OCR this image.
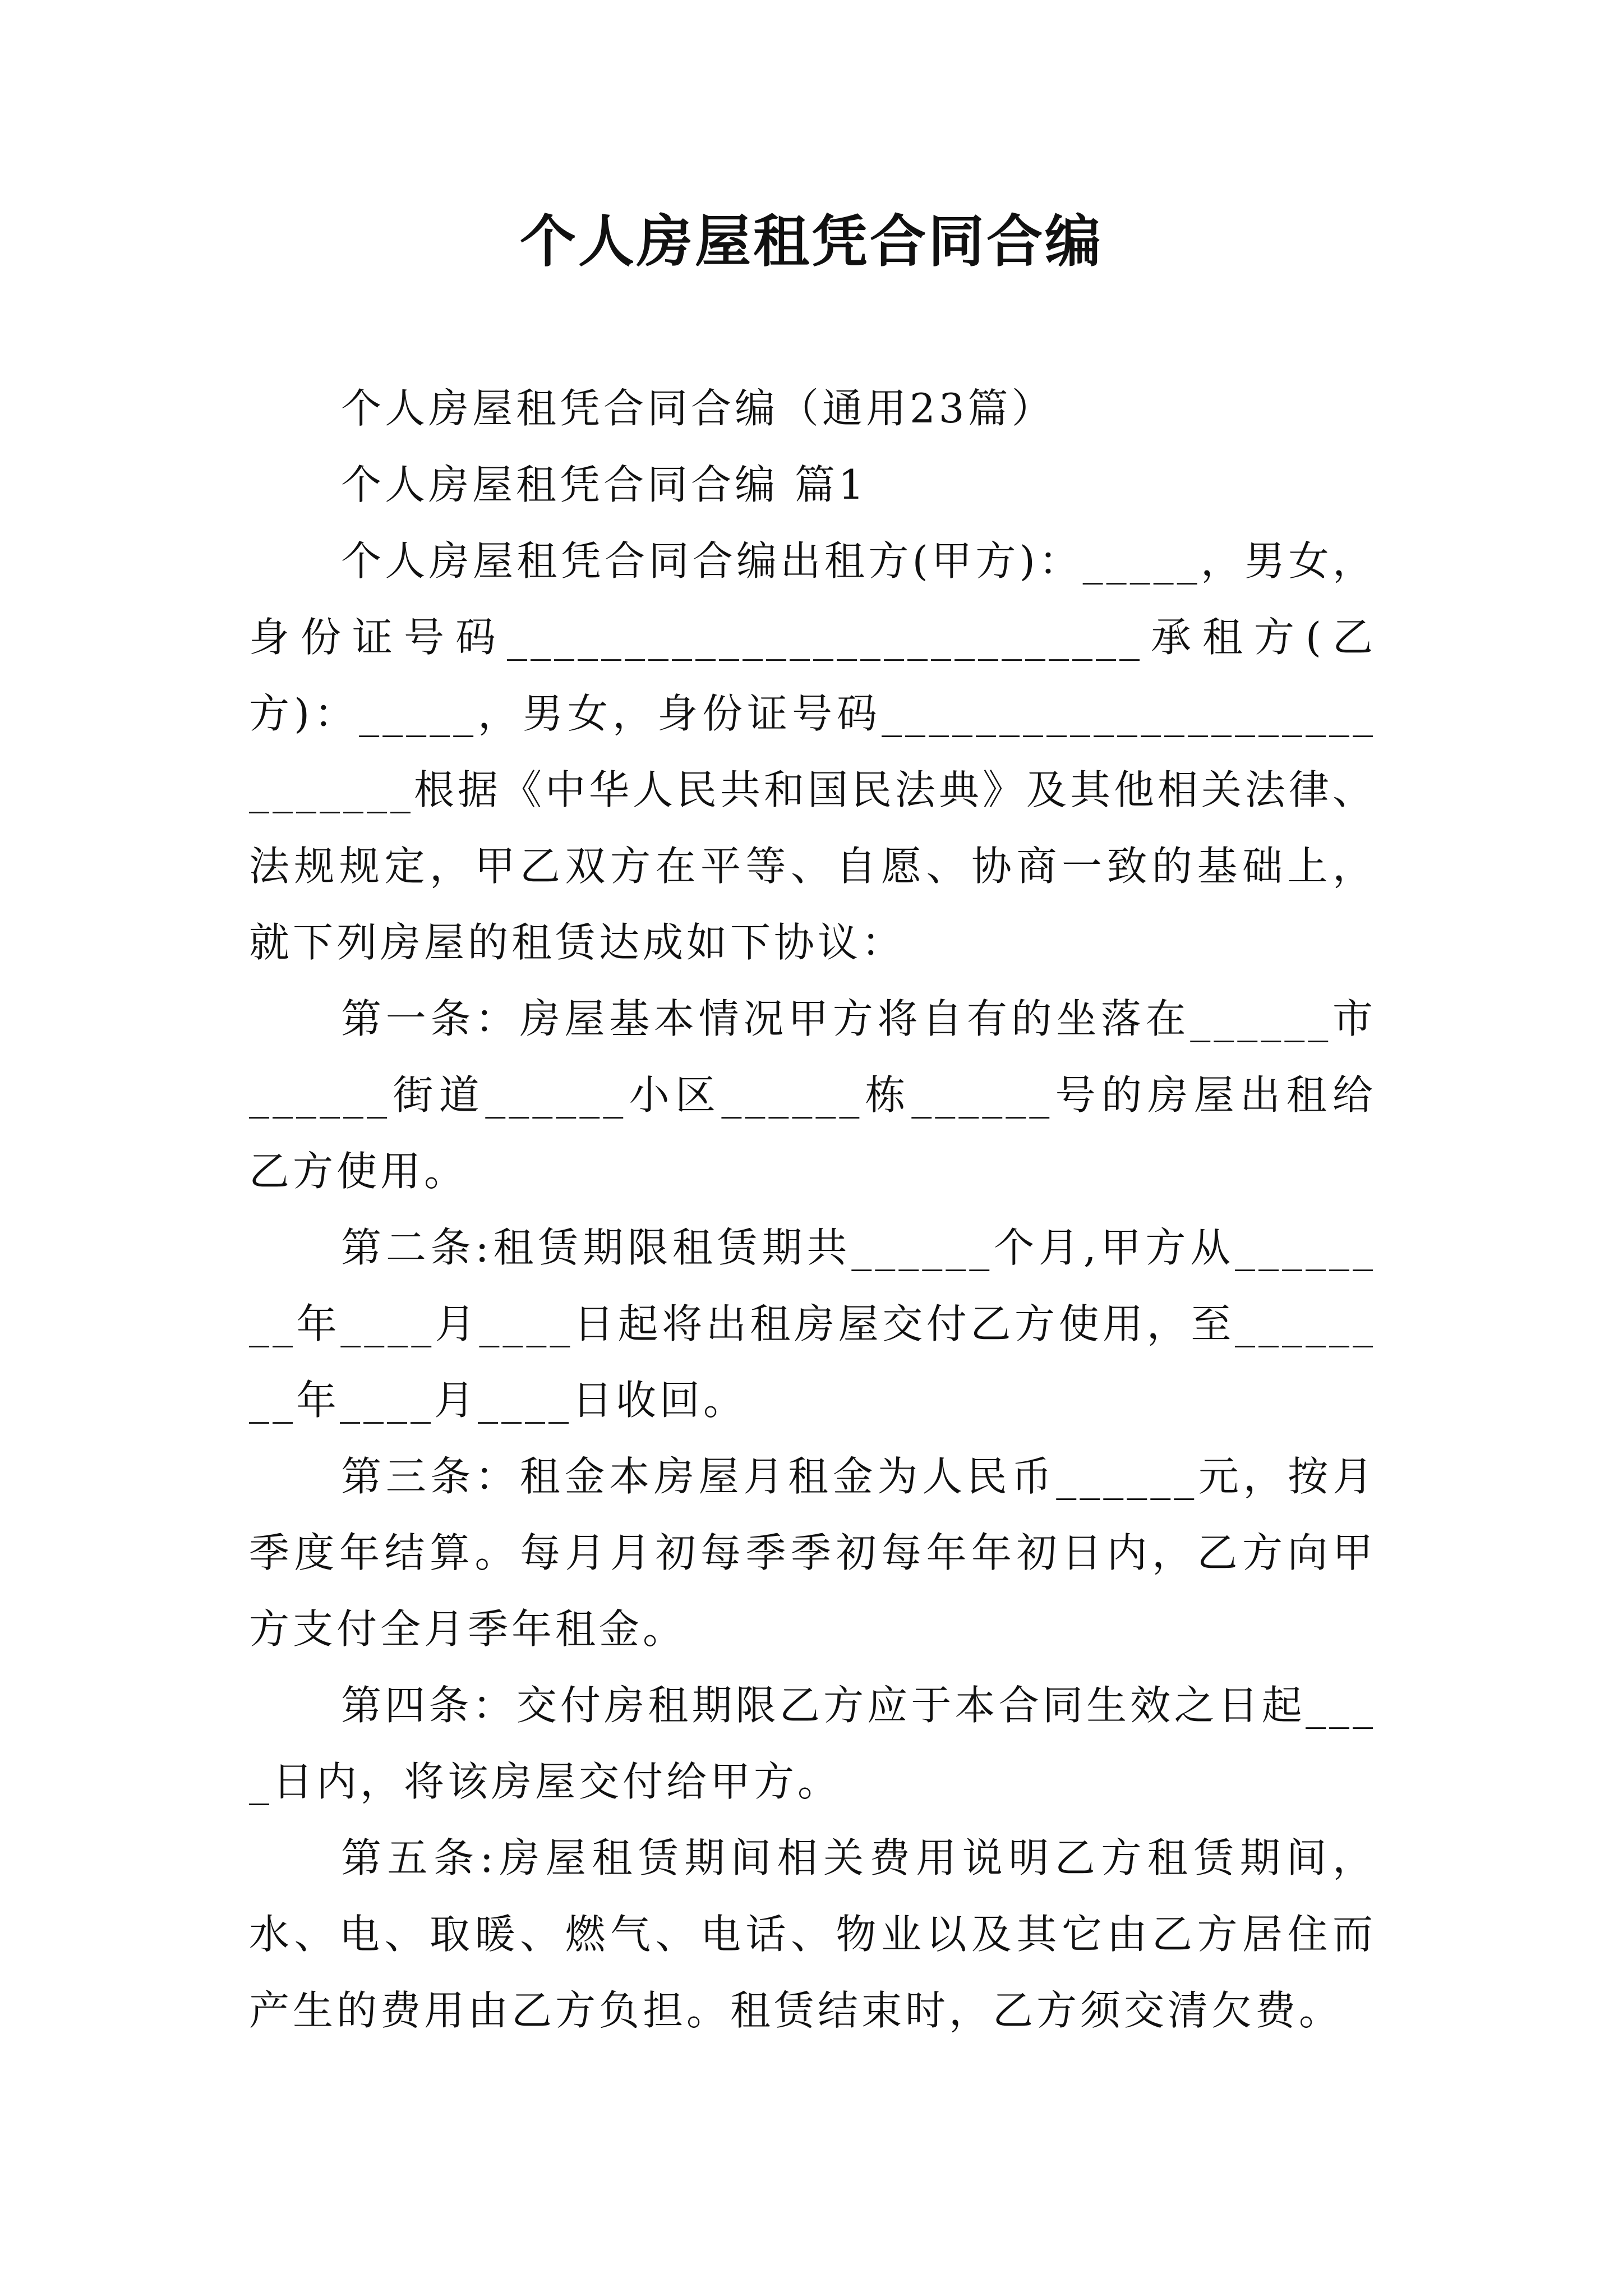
个人房屋租凭合同合编

个人房屋租凭合同合编（通用23篇）

个人房屋租凭合同合编 篇1

个人房屋租凭合同合编出租方(甲方)：_____，男女，身份证号码___________________________承租方(乙方)：_____，男女，身份证号码____________________________根据《中华人民共和国民法典》及其他相关法律、法规规定，甲乙双方在平等、自愿、协商一致的基础上，就下列房屋的租赁达成如下协议：

第一条：房屋基本情况甲方将自有的坐落在______市______街道______小区______栋______号的房屋出租给乙方使用。

第二条:租赁期限租赁期共______个月,甲方从________年____月____日起将出租房屋交付乙方使用，至________年____月____日收回。

第三条：租金本房屋月租金为人民币______元，按月季度年结算。每月月初每季季初每年年初日内，乙方向甲方支付全月季年租金。

第四条：交付房租期限乙方应于本合同生效之日起____日内，将该房屋交付给甲方。

第五条:房屋租赁期间相关费用说明乙方租赁期间，水、电、取暖、燃气、电话、物业以及其它由乙方居住而产生的费用由乙方负担。租赁结束时，乙方须交清欠费。
